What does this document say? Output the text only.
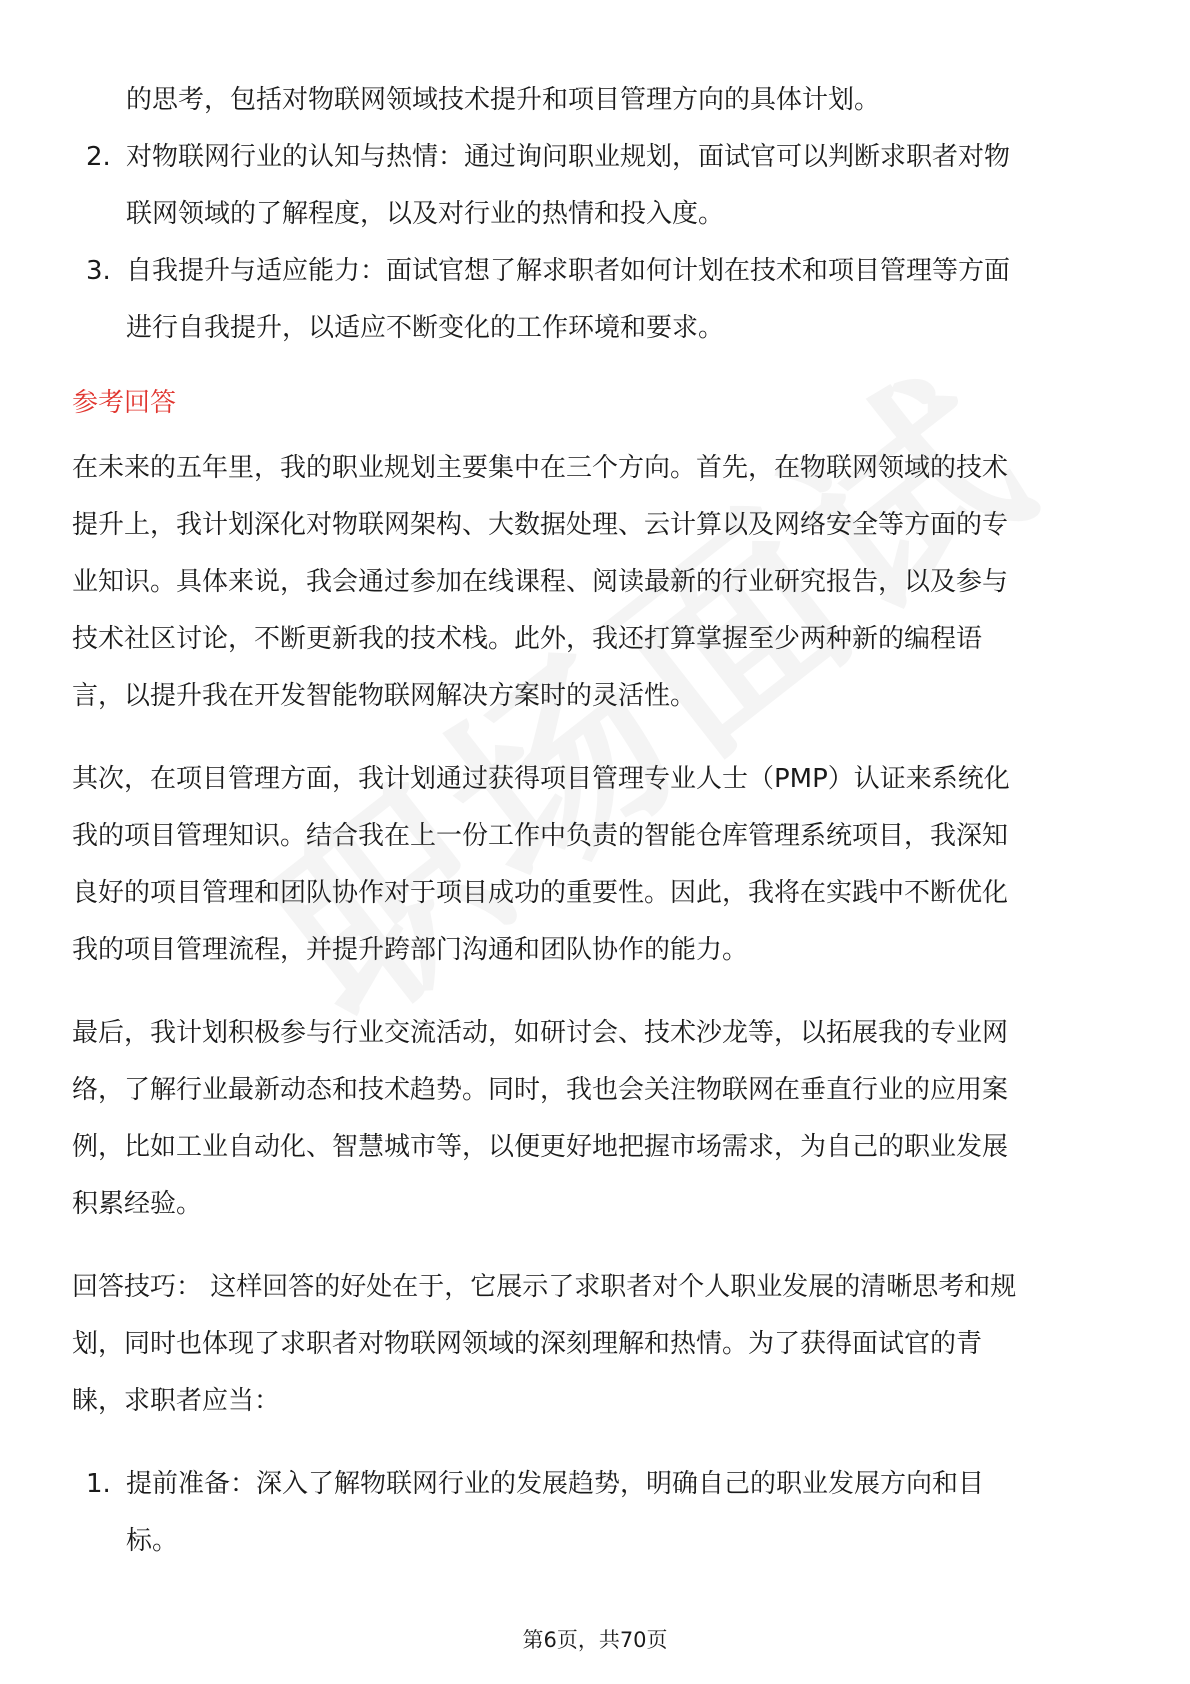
的思考，包括对物联网领域技术提升和项目管理方向的具体计划。

2. 对物联网行业的认知与热情：通过询问职业规划，面试官可以判断求职者对物

联网领域的了解程度，以及对行业的热情和投入度。

3. 自我提升与适应能力：面试官想了解求职者如何计划在技术和项目管理等方面

进行自我提升，以适应不断变化的工作环境和要求。

参考回答

在未来的五年里，我的职业规划主要集中在三个方向。首先，在物联网领域的技术

提升上，我计划深化对物联网架构、大数据处理、云计算以及网络安全等方面的专

业知识。具体来说，我会通过参加在线课程、阅读最新的行业研究报告，以及参与

技术社区讨论，不断更新我的技术栈。此外，我还打算掌握至少两种新的编程语

言，以提升我在开发智能物联网解决方案时的灵活性。

其次，在项目管理方面，我计划通过获得项目管理专业人士（PMP）认证来系统化

我的项目管理知识。结合我在上一份工作中负责的智能仓库管理系统项目，我深知

良好的项目管理和团队协作对于项目成功的重要性。因此，我将在实践中不断优化

我的项目管理流程，并提升跨部门沟通和团队协作的能力。

最后，我计划积极参与行业交流活动，如研讨会、技术沙龙等，以拓展我的专业网

络，了解行业最新动态和技术趋势。同时，我也会关注物联网在垂直行业的应用案

例，比如工业自动化、智慧城市等，以便更好地把握市场需求，为自己的职业发展

积累经验。

回答技巧： 这样回答的好处在于，它展示了求职者对个人职业发展的清晰思考和规

划，同时也体现了求职者对物联网领域的深刻理解和热情。为了获得面试官的青

睐，求职者应当：

1. 提前准备：深入了解物联网行业的发展趋势，明确自己的职业发展方向和目

标。

第6页，共70页
